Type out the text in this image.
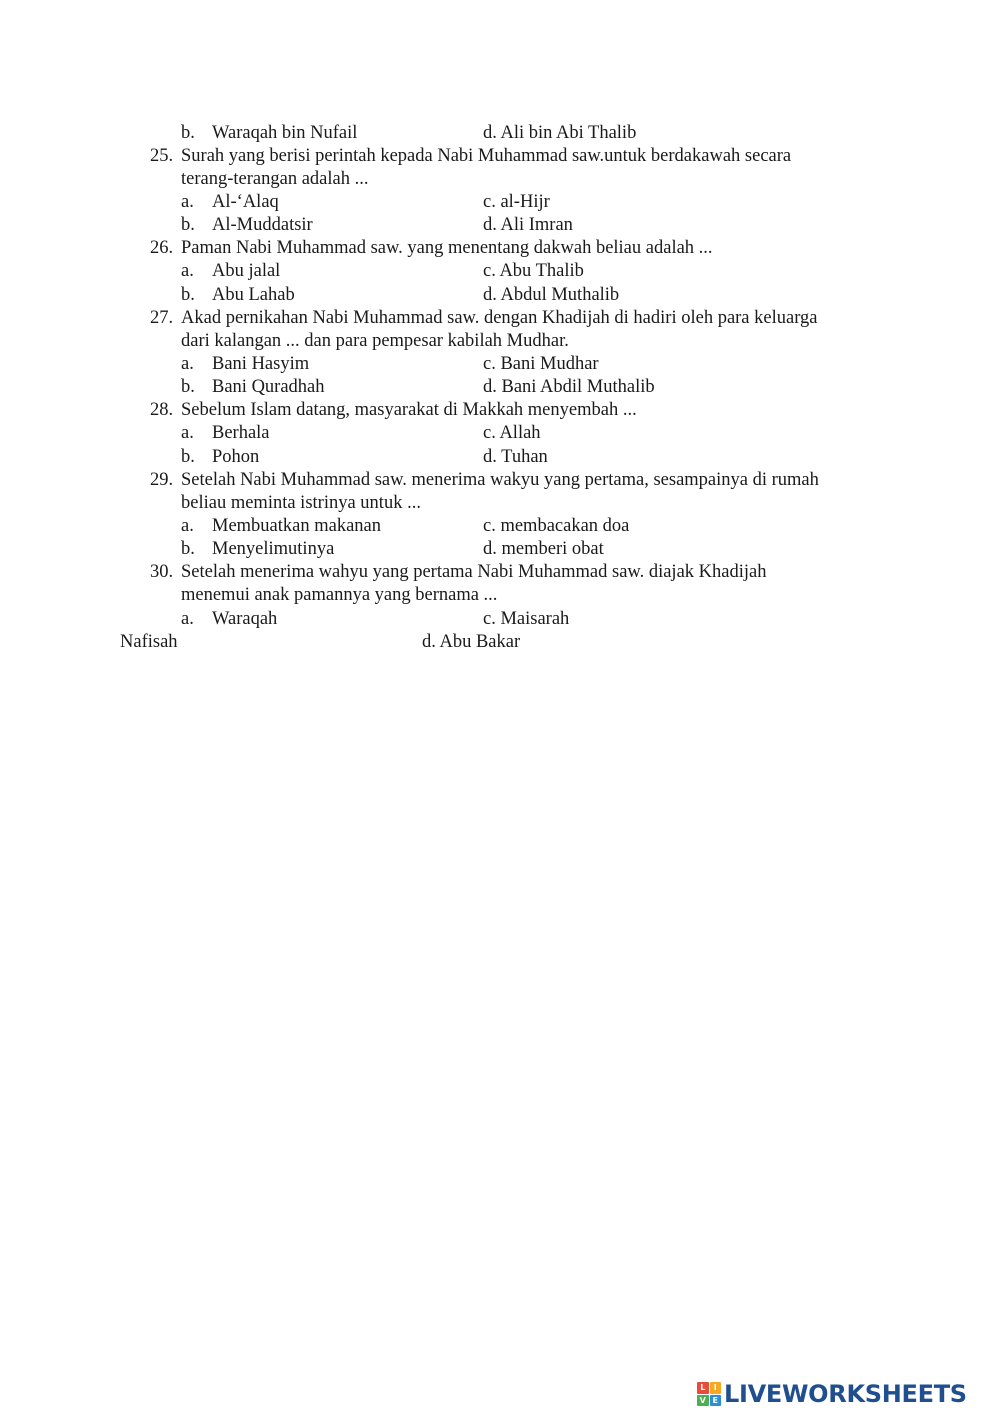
b. Waraqah bin Nufail	d. Ali bin Abi Thalib
25. Surah yang berisi perintah kepada Nabi Muhammad saw.untuk berdakawah secara
terang-terangan adalah ...
a. Al-‘Alaq	c. al-Hijr
b. Al-Muddatsir	d. Ali Imran
26. Paman Nabi Muhammad saw. yang menentang dakwah beliau adalah ...
a. Abu jalal	c. Abu Thalib
b. Abu Lahab	d. Abdul Muthalib
27. Akad pernikahan Nabi Muhammad saw. dengan Khadijah di hadiri oleh para keluarga
dari kalangan ... dan para pempesar kabilah Mudhar.
a. Bani Hasyim	c. Bani Mudhar
b. Bani Quradhah	d. Bani Abdil Muthalib
28. Sebelum Islam datang, masyarakat di Makkah menyembah ...
a. Berhala	c. Allah
b. Pohon	d. Tuhan
29. Setelah Nabi Muhammad saw. menerima wakyu yang pertama, sesampainya di rumah
beliau meminta istrinya untuk ...
a. Membuatkan makanan	c. membacakan doa
b. Menyelimutinya	d. memberi obat
30. Setelah menerima wahyu yang pertama Nabi Muhammad saw. diajak Khadijah
menemui anak pamannya yang bernama ...
a. Waraqah	c. Maisarah
Nafisah	d. Abu Bakar
L	I
V E LIVEWORKSHEETS
